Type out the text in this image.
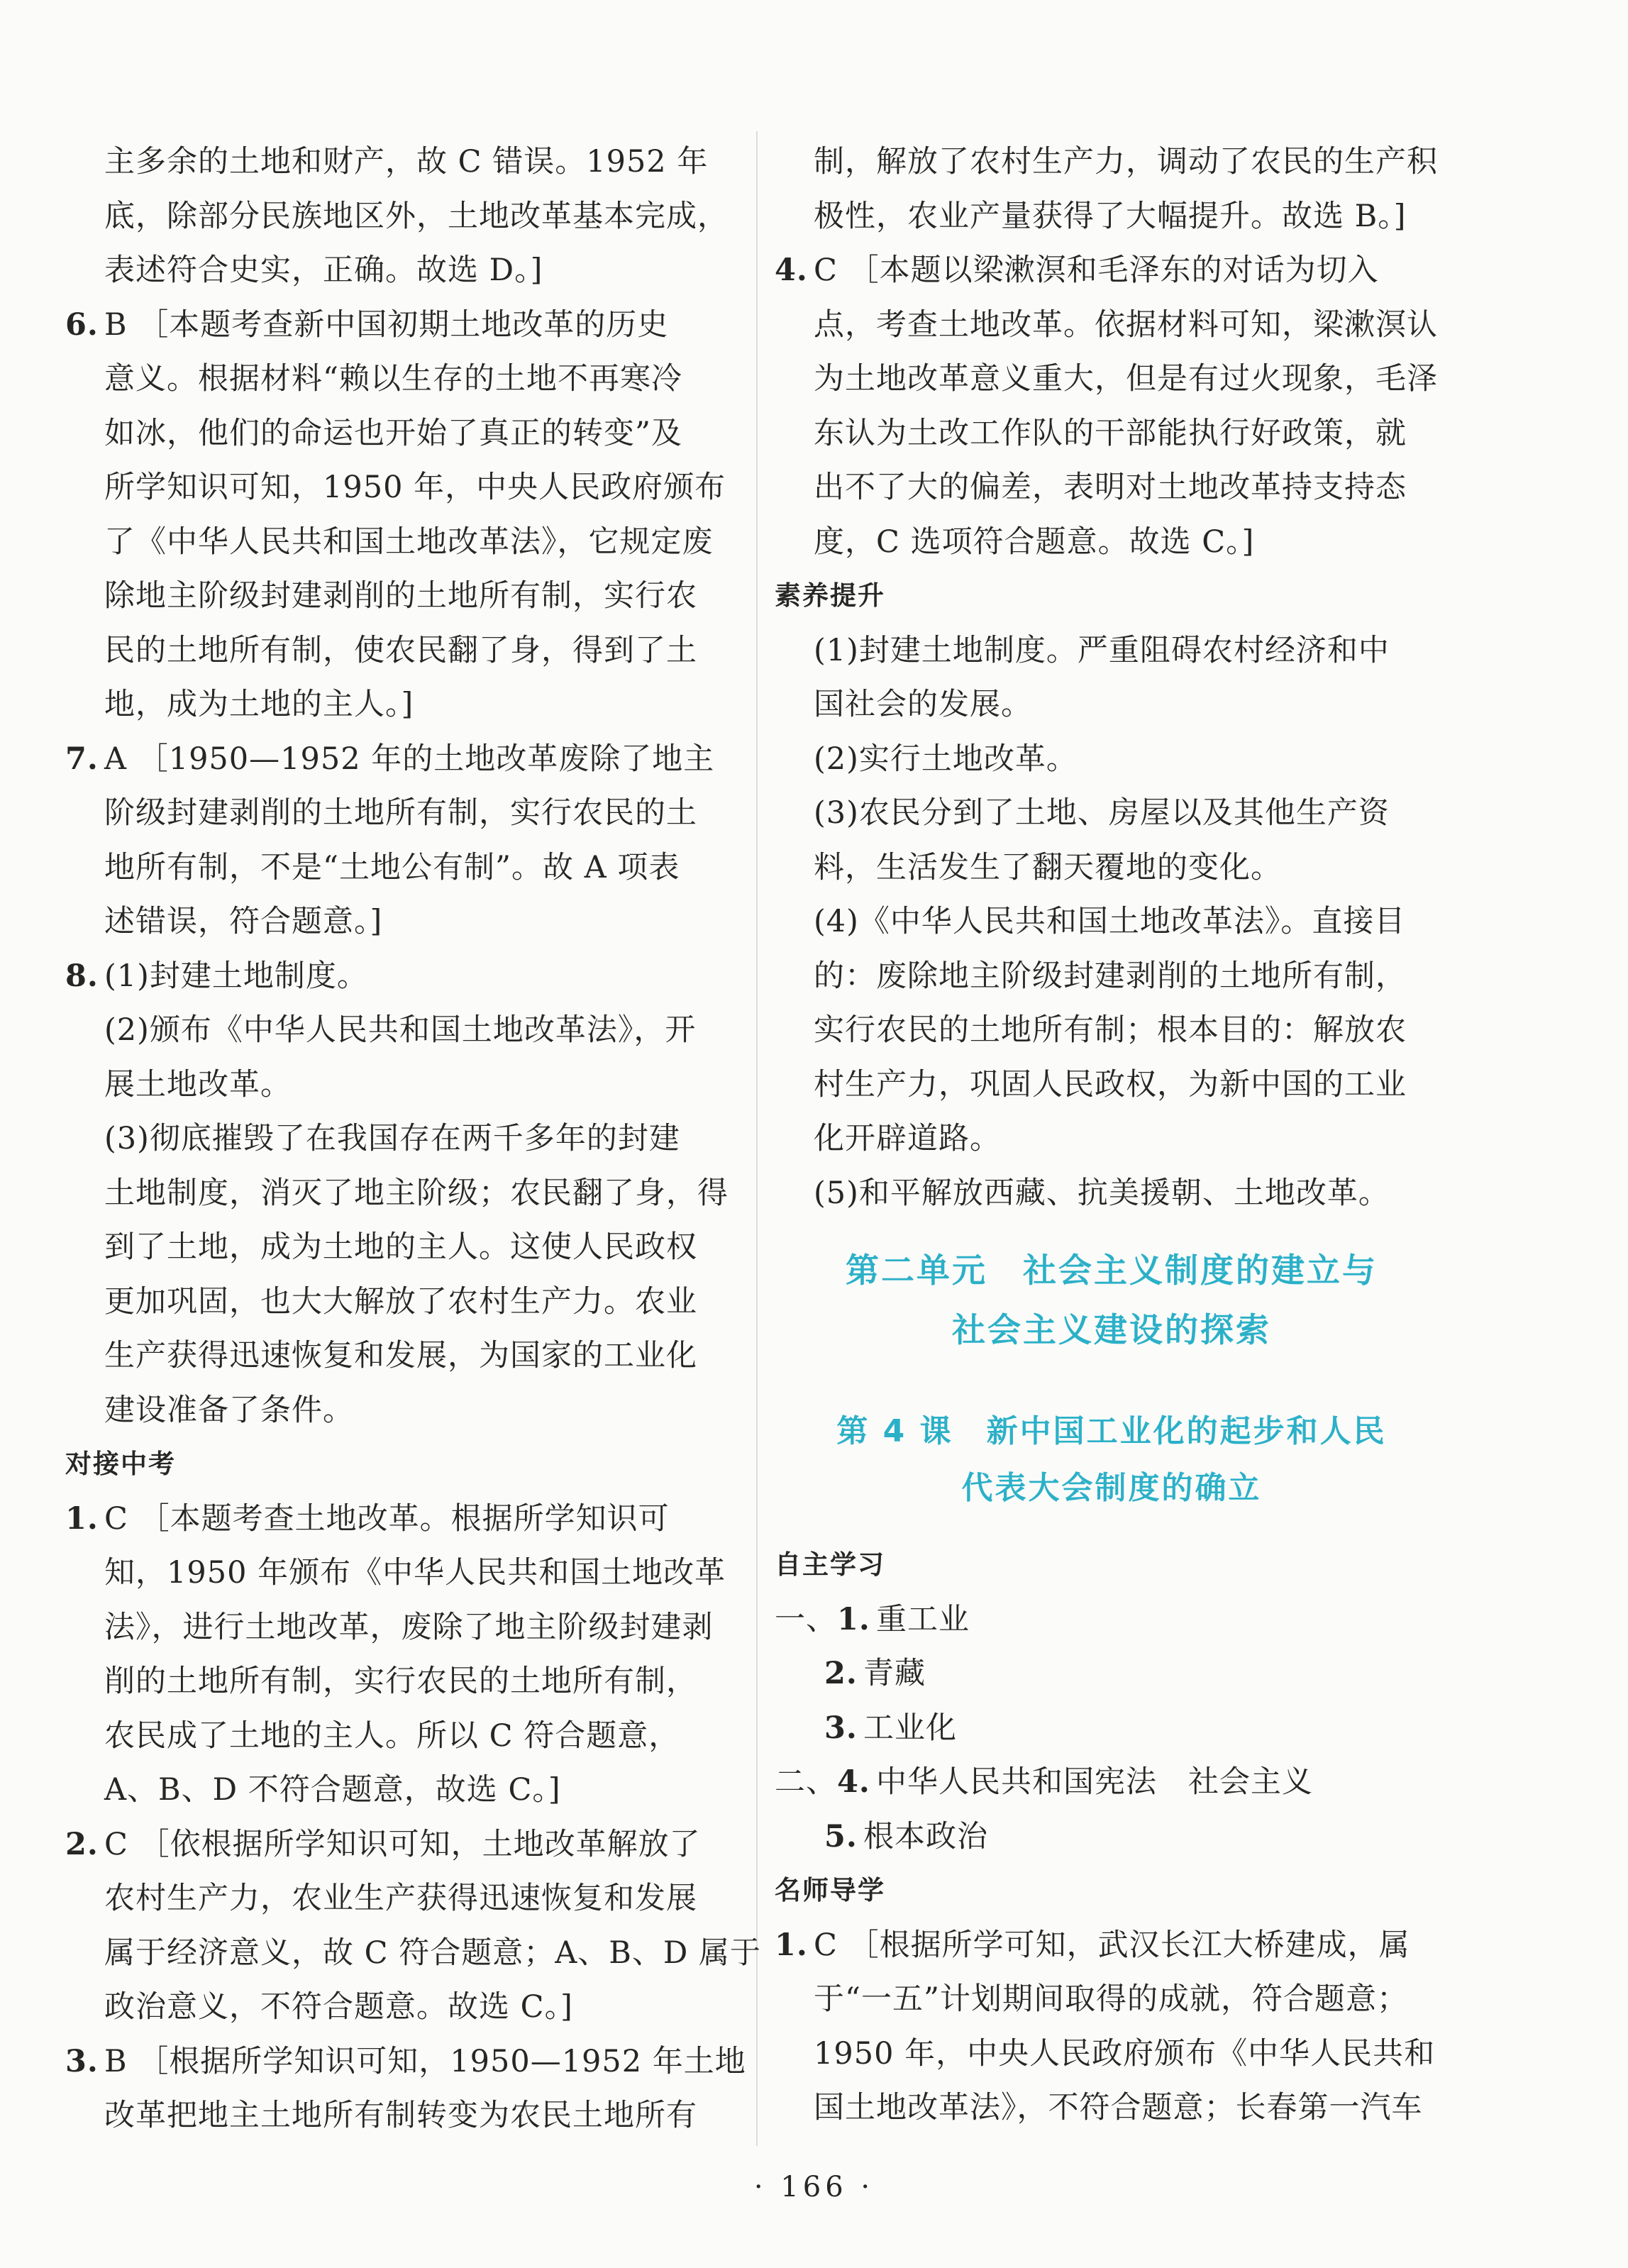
主多余的土地和财产，故 C 错误。1952 年

底，除部分民族地区外，土地改革基本完成，

表述符合史实，正确。故选 D。]

6. B ［本题考查新中国初期土地改革的历史

意义。根据材料“赖以生存的土地不再寒冷

如冰，他们的命运也开始了真正的转变”及

所学知识可知，1950 年，中央人民政府颁布

了《中华人民共和国土地改革法》，它规定废

除地主阶级封建剥削的土地所有制，实行农

民的土地所有制，使农民翻了身，得到了土

地，成为土地的主人。]

7. A ［1950—1952 年的土地改革废除了地主

阶级封建剥削的土地所有制，实行农民的土

地所有制，不是“土地公有制”。故 A 项表

述错误，符合题意。]

8. (1)封建土地制度。

(2)颁布《中华人民共和国土地改革法》，开

展土地改革。

(3)彻底摧毁了在我国存在两千多年的封建

土地制度，消灭了地主阶级；农民翻了身，得

到了土地，成为土地的主人。这使人民政权

更加巩固，也大大解放了农村生产力。农业

生产获得迅速恢复和发展，为国家的工业化

建设准备了条件。

对接中考

1. C ［本题考查土地改革。根据所学知识可

知，1950 年颁布《中华人民共和国土地改革

法》，进行土地改革，废除了地主阶级封建剥

削的土地所有制，实行农民的土地所有制，

农民成了土地的主人。所以 C 符合题意，

A、B、D 不符合题意，故选 C。]

2. C ［依根据所学知识可知，土地改革解放了

农村生产力，农业生产获得迅速恢复和发展

属于经济意义，故 C 符合题意；A、B、D 属于

政治意义，不符合题意。故选 C。]

3. B ［根据所学知识可知，1950—1952 年土地

改革把地主土地所有制转变为农民土地所有

制，解放了农村生产力，调动了农民的生产积

极性，农业产量获得了大幅提升。故选 B。]

4. C ［本题以梁漱溟和毛泽东的对话为切入

点，考查土地改革。依据材料可知，梁漱溟认

为土地改革意义重大，但是有过火现象，毛泽

东认为土改工作队的干部能执行好政策，就

出不了大的偏差，表明对土地改革持支持态

度，C 选项符合题意。故选 C。]

素养提升

(1)封建土地制度。严重阻碍农村经济和中

国社会的发展。

(2)实行土地改革。

(3)农民分到了土地、房屋以及其他生产资

料，生活发生了翻天覆地的变化。

(4)《中华人民共和国土地改革法》。直接目

的：废除地主阶级封建剥削的土地所有制，

实行农民的土地所有制；根本目的：解放农

村生产力，巩固人民政权，为新中国的工业

化开辟道路。

(5)和平解放西藏、抗美援朝、土地改革。

第二单元　社会主义制度的建立与

社会主义建设的探索

第 4 课　新中国工业化的起步和人民

代表大会制度的确立

自主学习

一、1. 重工业

2. 青藏

3. 工业化

二、4. 中华人民共和国宪法　社会主义

5. 根本政治

名师导学

1. C ［根据所学可知，武汉长江大桥建成，属

于“一五”计划期间取得的成就，符合题意；

1950 年，中央人民政府颁布《中华人民共和

国土地改革法》，不符合题意；长春第一汽车

· 166 ·
